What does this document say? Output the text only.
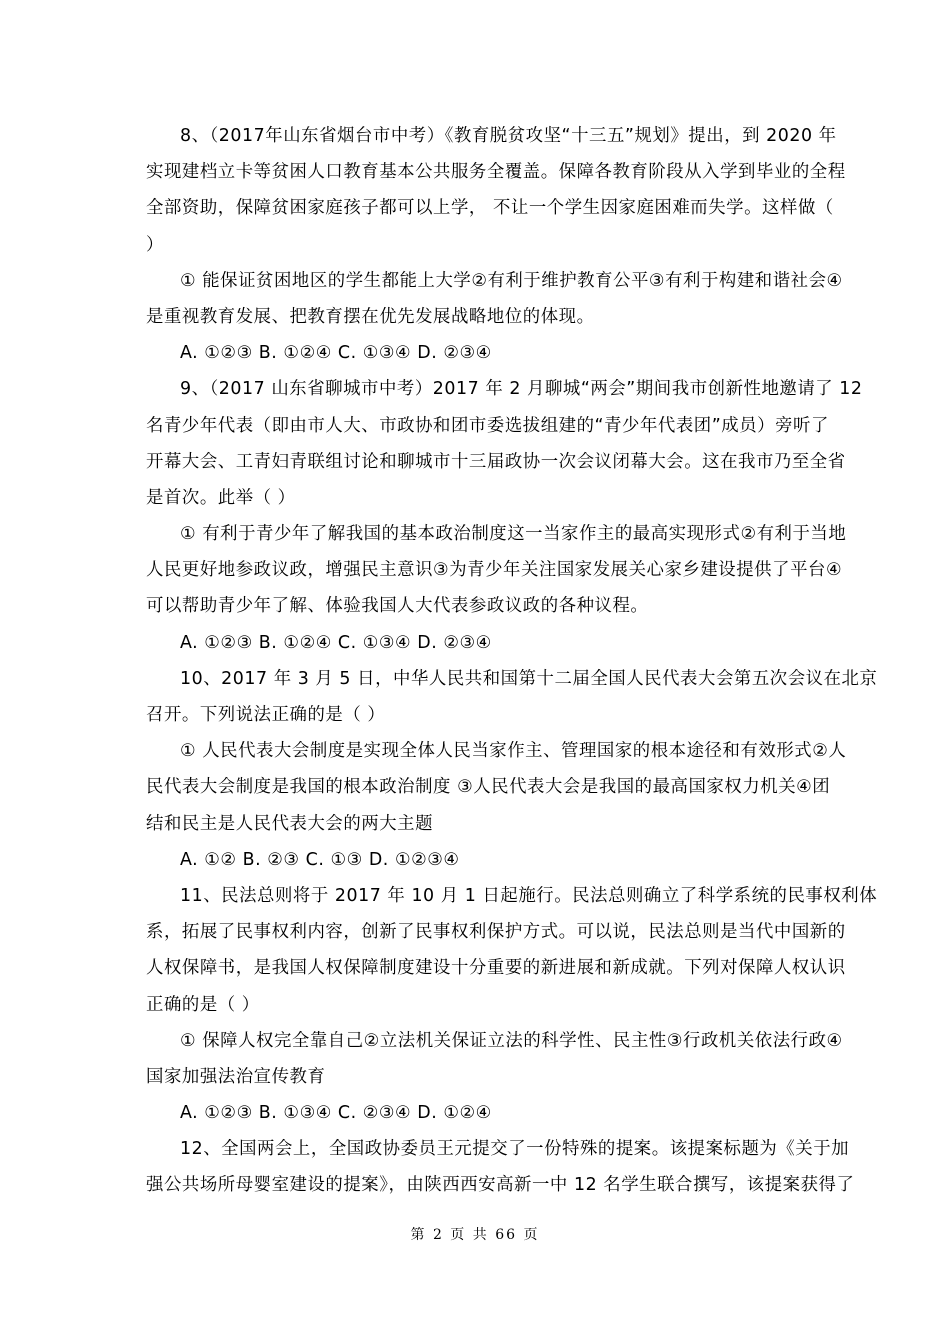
8、（2017年山东省烟台市中考）《教育脱贫攻坚“十三五”规划》提出，到 2020 年

实现建档立卡等贫困人口教育基本公共服务全覆盖。保障各教育阶段从入学到毕业的全程

全部资助，保障贫困家庭孩子都可以上学， 不让一个学生因家庭困难而失学。这样做（

）

① 能保证贫困地区的学生都能上大学②有利于维护教育公平③有利于构建和谐社会④

是重视教育发展、把教育摆在优先发展战略地位的体现。

A. ①②③ B. ①②④ C. ①③④ D. ②③④

9、（2017 山东省聊城市中考）2017 年 2 月聊城“两会”期间我市创新性地邀请了 12

名青少年代表（即由市人大、市政协和团市委选拔组建的“青少年代表团”成员）旁听了

开幕大会、工青妇青联组讨论和聊城市十三届政协一次会议闭幕大会。这在我市乃至全省

是首次。此举（ ）

① 有利于青少年了解我国的基本政治制度这一当家作主的最高实现形式②有利于当地

人民更好地参政议政，增强民主意识③为青少年关注国家发展关心家乡建设提供了平台④

可以帮助青少年了解、体验我国人大代表参政议政的各种议程。

A. ①②③ B. ①②④ C. ①③④ D. ②③④

10、2017 年 3 月 5 日，中华人民共和国第十二届全国人民代表大会第五次会议在北京

召开。下列说法正确的是（ ）

① 人民代表大会制度是实现全体人民当家作主、管理国家的根本途径和有效形式②人

民代表大会制度是我国的根本政治制度 ③人民代表大会是我国的最高国家权力机关④团

结和民主是人民代表大会的两大主题

A. ①② B. ②③ C. ①③ D. ①②③④

11、民法总则将于 2017 年 10 月 1 日起施行。民法总则确立了科学系统的民事权利体

系，拓展了民事权利内容，创新了民事权利保护方式。可以说，民法总则是当代中国新的

人权保障书，是我国人权保障制度建设十分重要的新进展和新成就。下列对保障人权认识

正确的是（ ）

① 保障人权完全靠自己②立法机关保证立法的科学性、民主性③行政机关依法行政④

国家加强法治宣传教育

A. ①②③ B. ①③④ C. ②③④ D. ①②④

12、全国两会上，全国政协委员王元提交了一份特殊的提案。该提案标题为《关于加

强公共场所母婴室建设的提案》，由陕西西安高新一中 12 名学生联合撰写，该提案获得了

第 2 页 共 66 页
